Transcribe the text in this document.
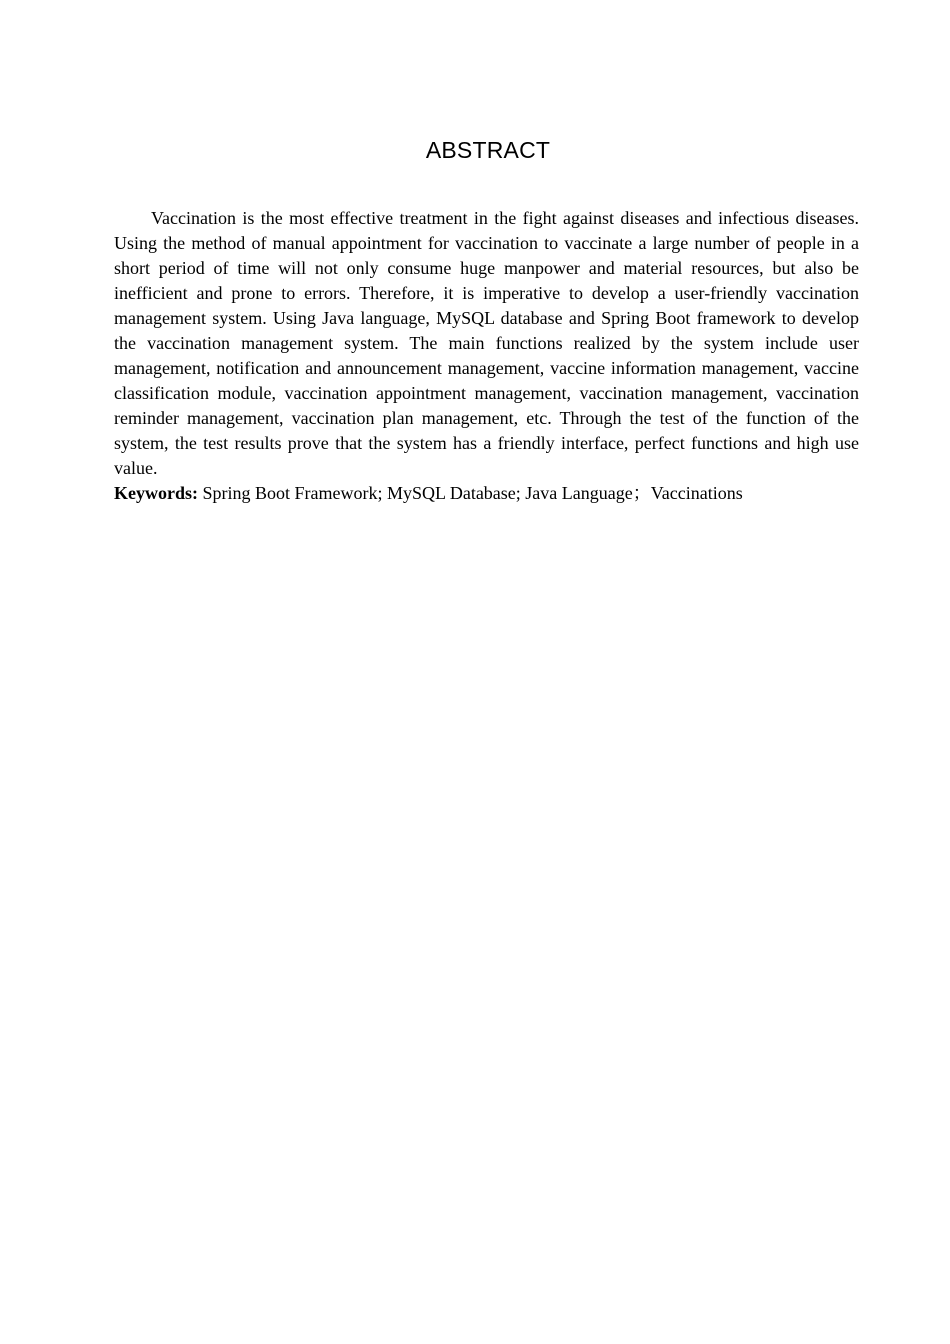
ABSTRACT

Vaccination is the most effective treatment in the fight against diseases and infectious diseases. Using the method of manual appointment for vaccination to vaccinate a large number of people in a short period of time will not only consume huge manpower and material resources, but also be inefficient and prone to errors. Therefore, it is imperative to develop a user-friendly vaccination management system. Using Java language, MySQL database and Spring Boot framework to develop the vaccination management system. The main functions realized by the system include user management, notification and announcement management, vaccine information management, vaccine classification module, vaccination appointment management, vaccination management, vaccination reminder management, vaccination plan management, etc. Through the test of the function of the system, the test results prove that the system has a friendly interface, perfect functions and high use value.

Keywords: Spring Boot Framework; MySQL Database; Java Language；Vaccinations
